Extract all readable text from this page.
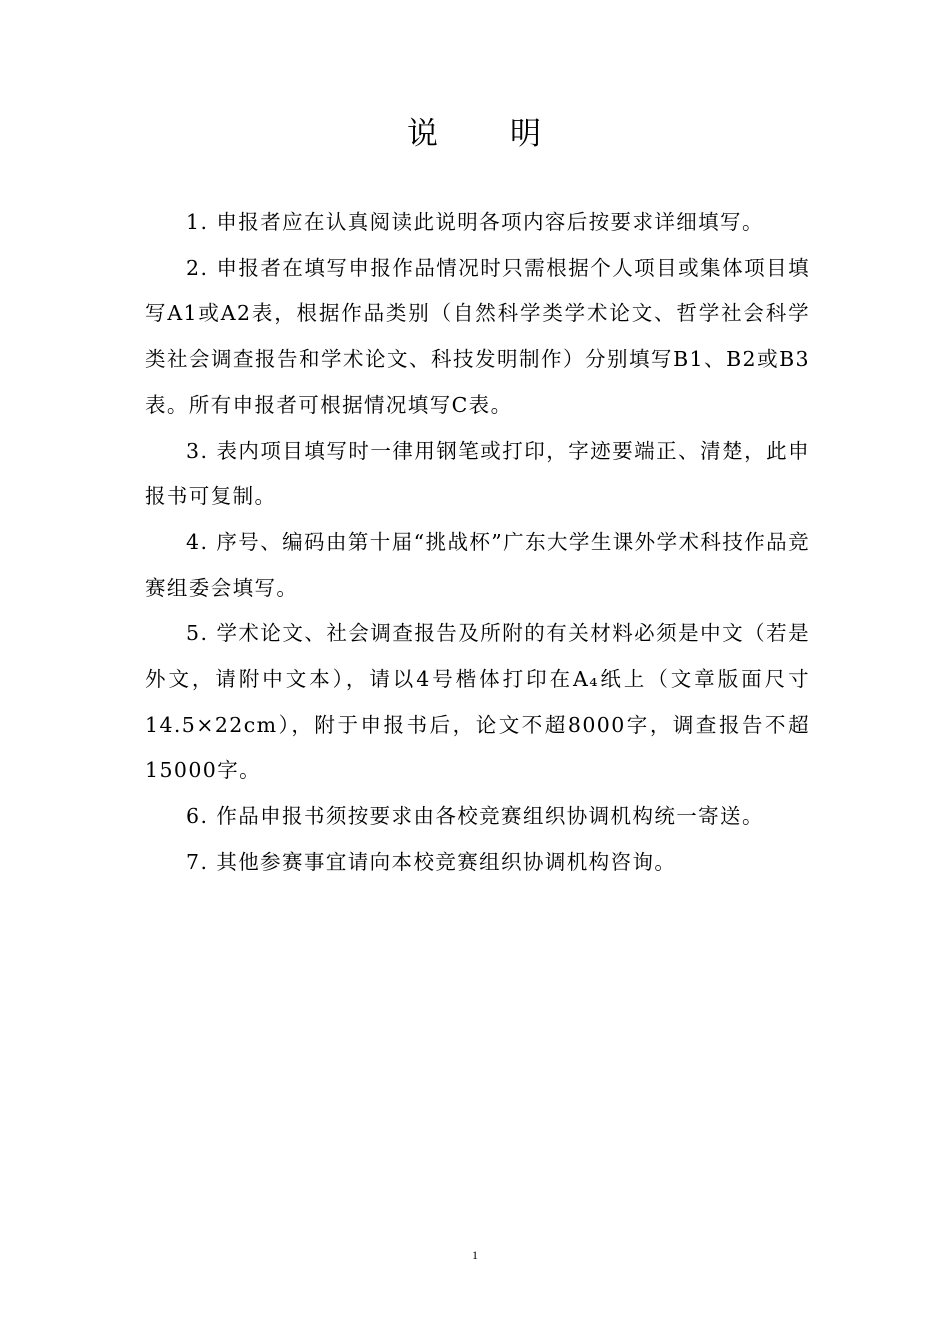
说 明

1. 申报者应在认真阅读此说明各项内容后按要求详细填写。

2. 申报者在填写申报作品情况时只需根据个人项目或集体项目填写A1或A2表，根据作品类别（自然科学类学术论文、哲学社会科学类社会调查报告和学术论文、科技发明制作）分别填写B1、B2或B3表。所有申报者可根据情况填写C表。

3. 表内项目填写时一律用钢笔或打印，字迹要端正、清楚，此申报书可复制。

4. 序号、编码由第十届“挑战杯”广东大学生课外学术科技作品竞赛组委会填写。

5. 学术论文、社会调查报告及所附的有关材料必须是中文（若是外文，请附中文本），请以4号楷体打印在A₄纸上（文章版面尺寸14.5×22cm），附于申报书后，论文不超8000字，调查报告不超15000字。

6. 作品申报书须按要求由各校竞赛组织协调机构统一寄送。

7. 其他参赛事宜请向本校竞赛组织协调机构咨询。

1
